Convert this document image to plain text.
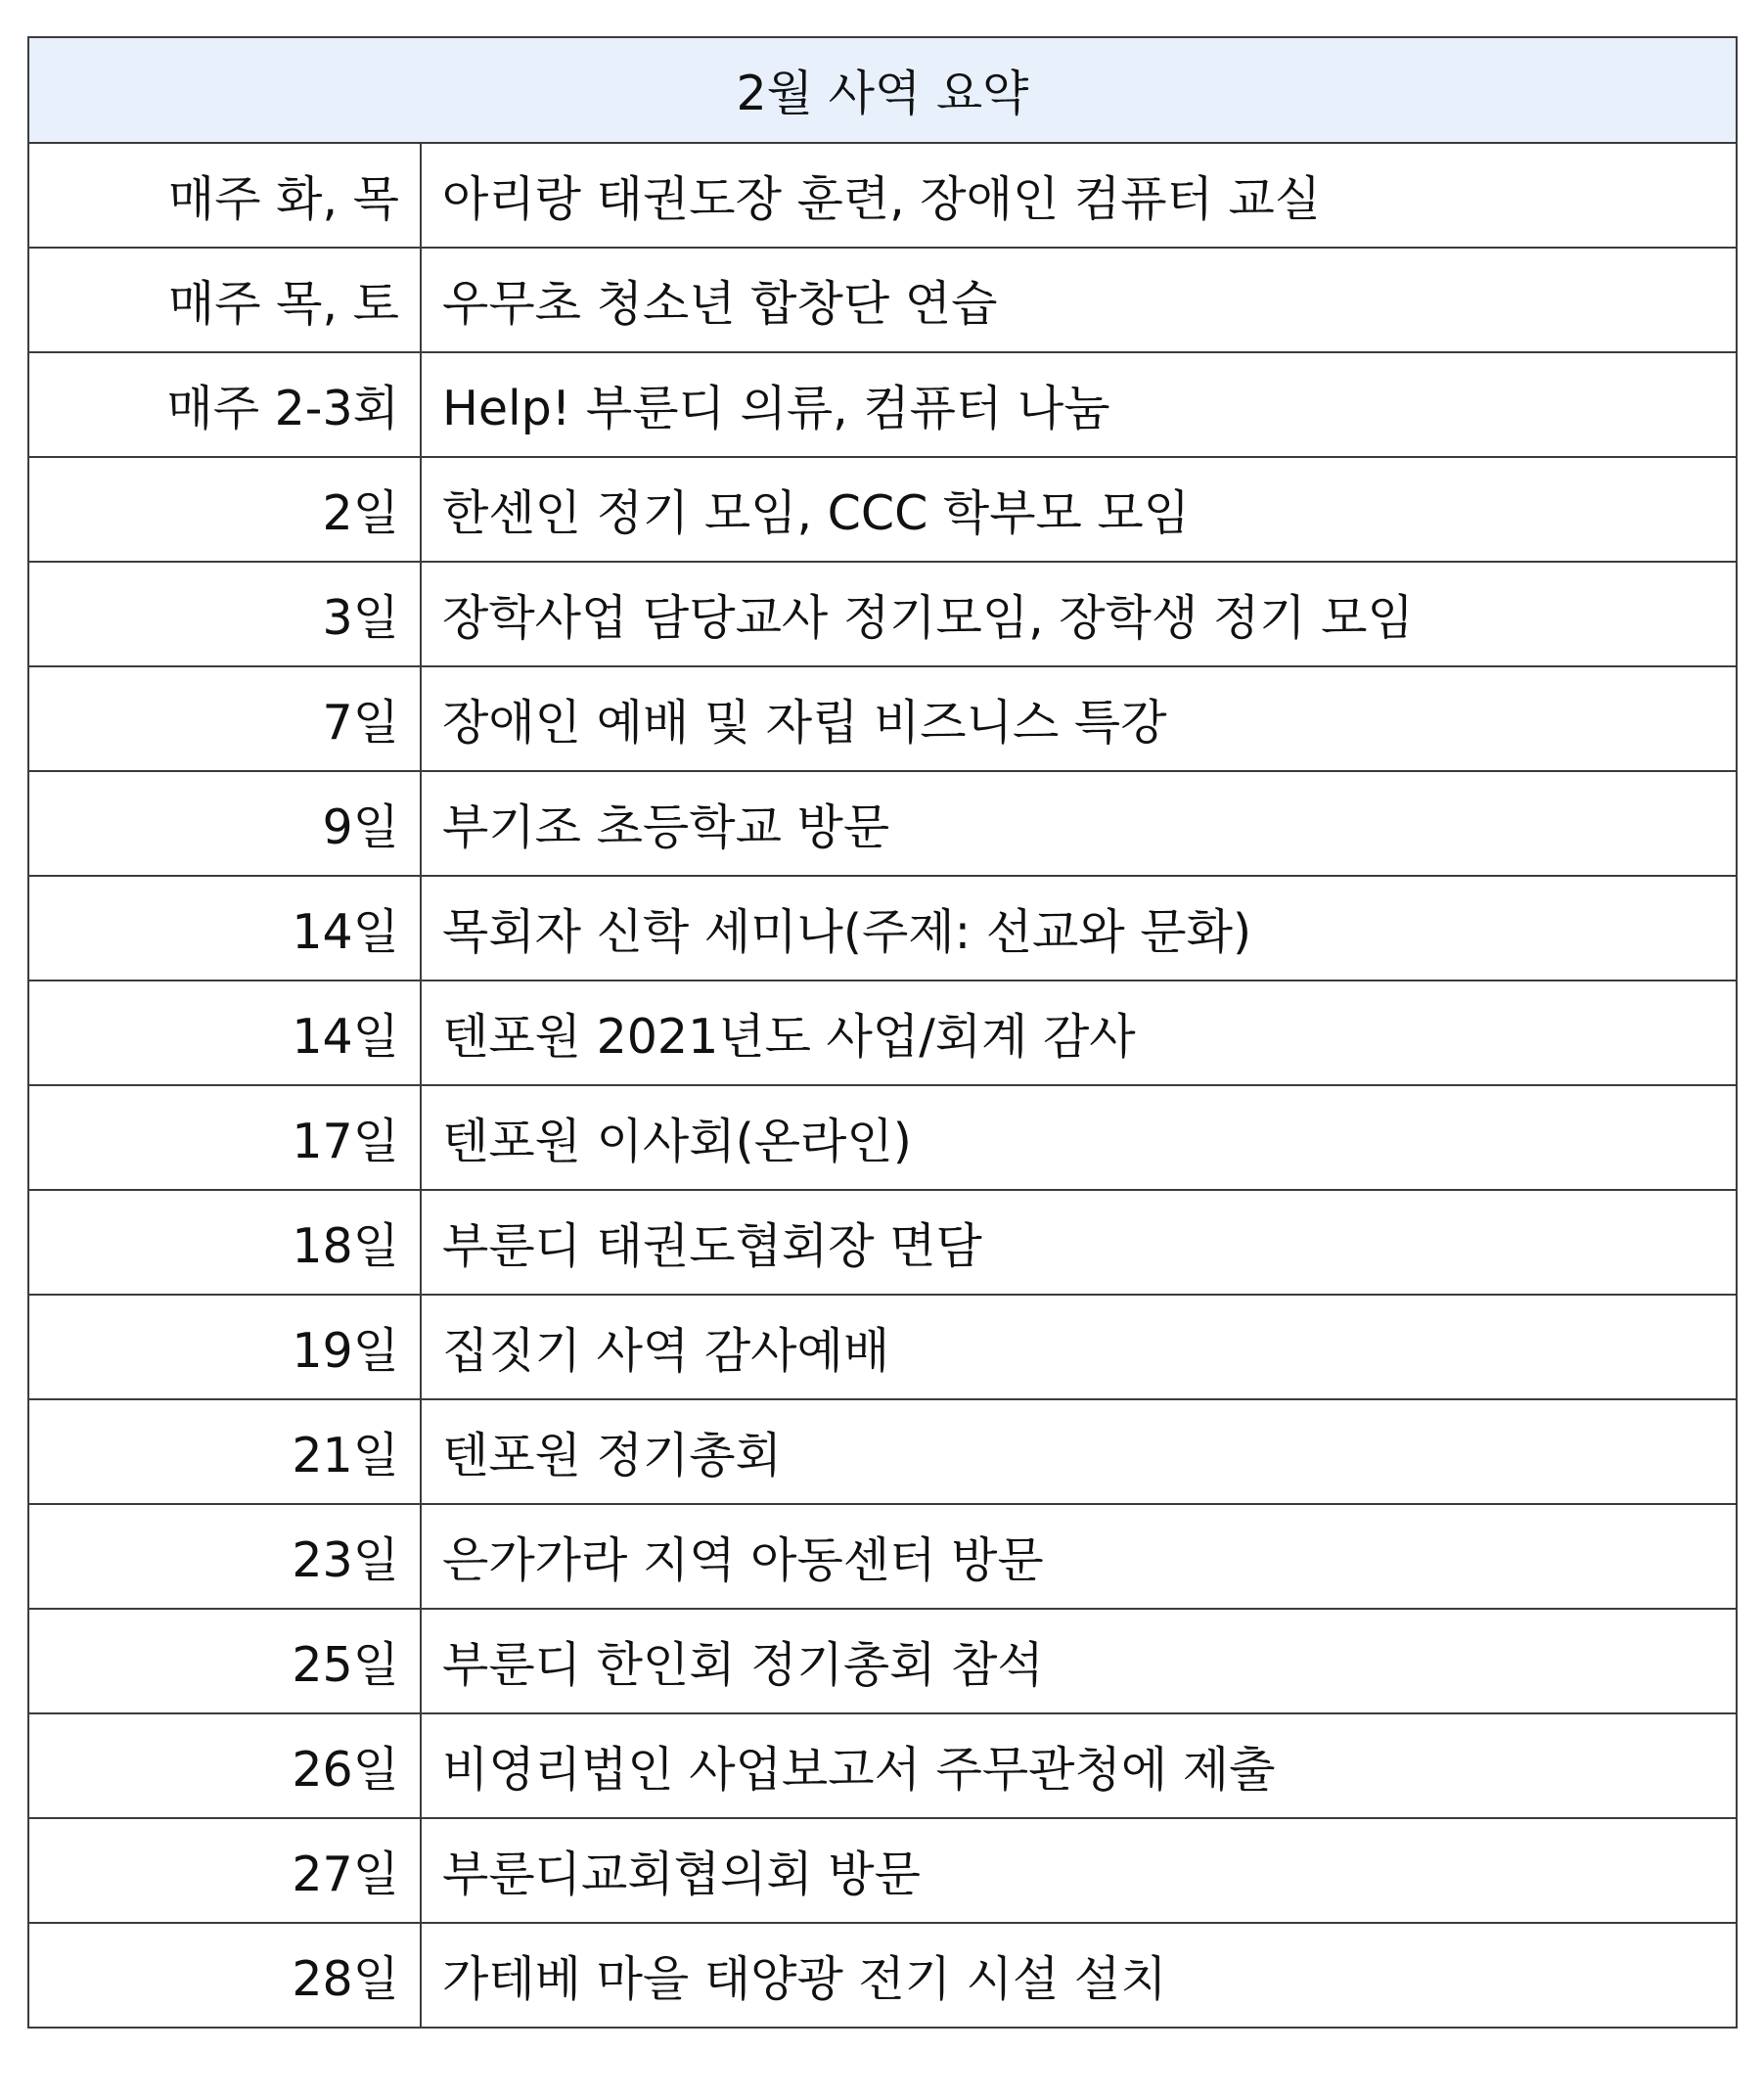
2월 사역 요약	
매주 화, 목	아리랑 태권도장 훈련, 장애인 컴퓨터 교실
매주 목, 토	우무초 청소년 합창단 연습
매주 2-3회	Help! 부룬디 의류, 컴퓨터 나눔
2일	한센인 정기 모임, CCC 학부모 모임
3일	장학사업 담당교사 정기모임, 장학생 정기 모임
7일	장애인 예배 및 자립 비즈니스 특강
9일	부기조 초등학교 방문
14일	목회자 신학 세미나(주제: 선교와 문화)
14일	텐포원 2021년도 사업/회계 감사
17일	텐포원 이사회(온라인)
18일	부룬디 태권도협회장 면담
19일	집짓기 사역 감사예배
21일	텐포원 정기총회
23일	은가가라 지역 아동센터 방문
25일	부룬디 한인회 정기총회 참석
26일	비영리법인 사업보고서 주무관청에 제출
27일	부룬디교회협의회 방문
28일	가테베 마을 태양광 전기 시설 설치
